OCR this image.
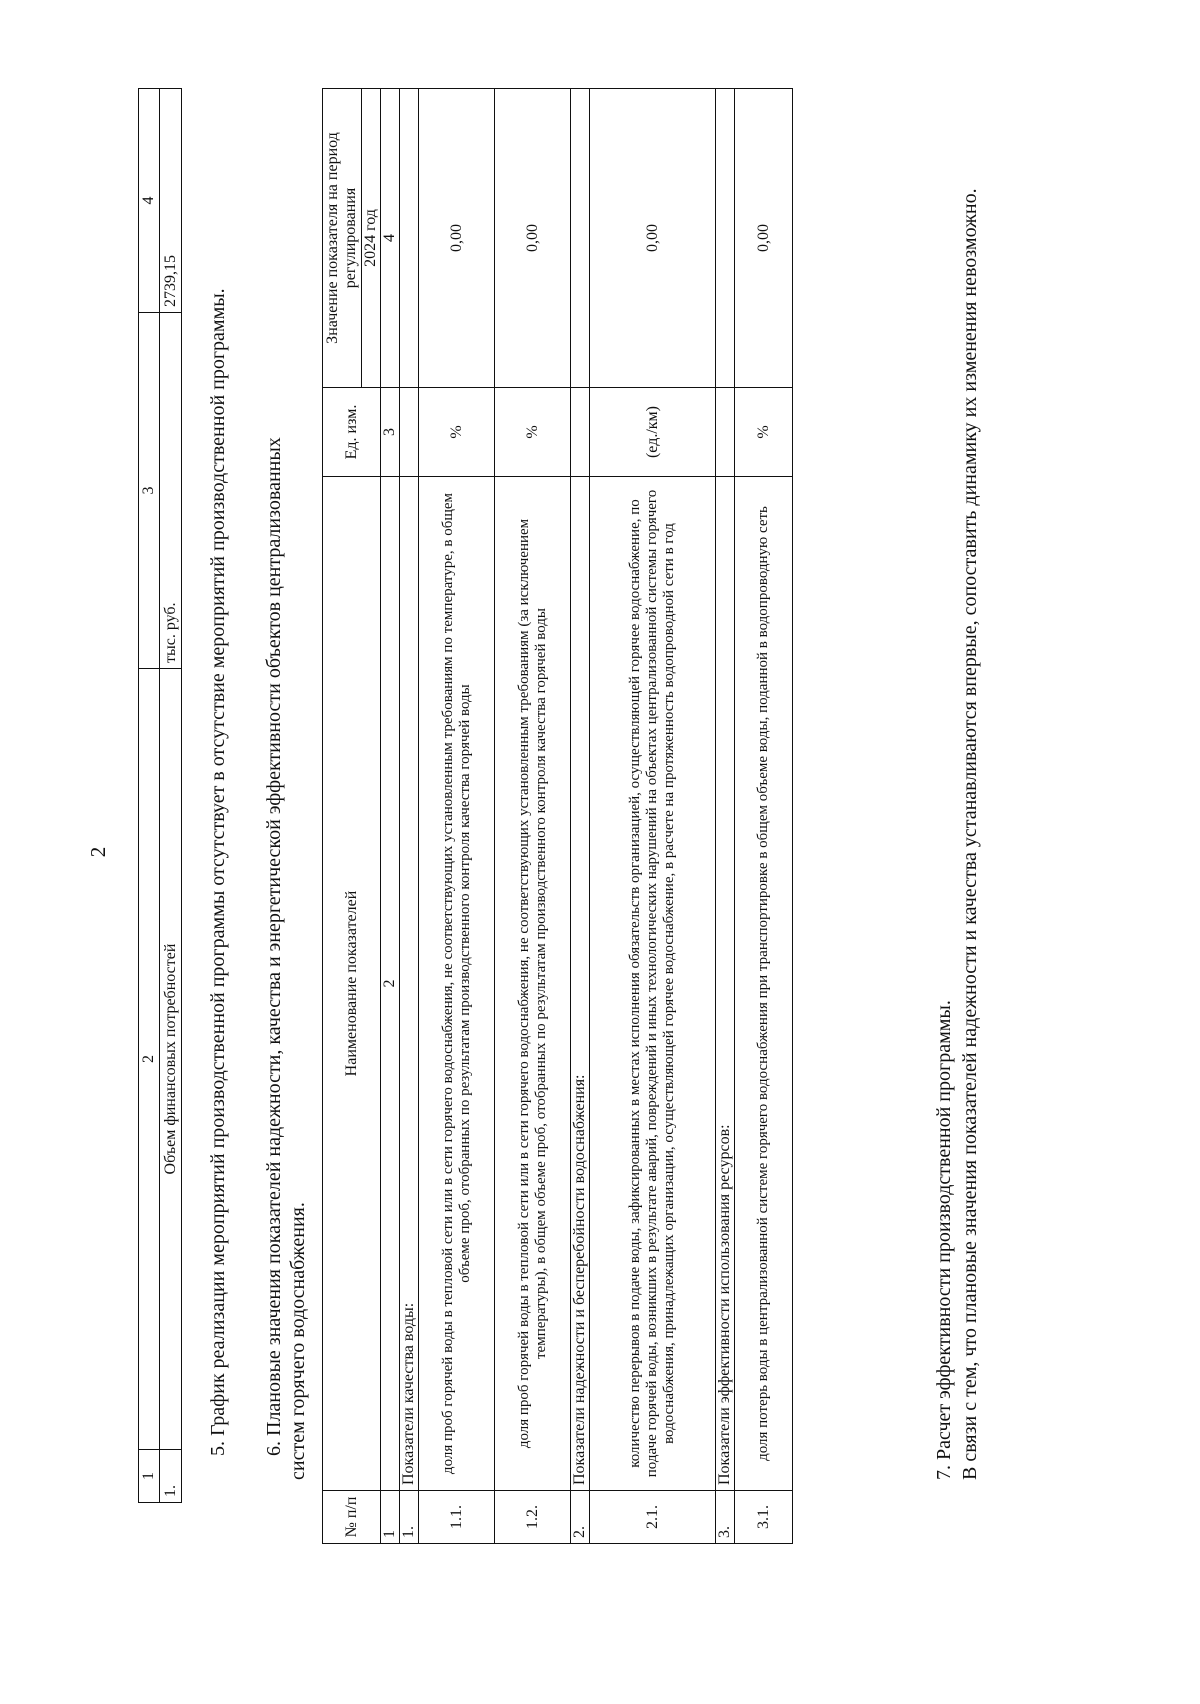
2
1	2	3	4
1.	Объем финансовых потребностей	тыс. руб.	2739,15
5. График реализации мероприятий производственной программы отсутствует в отсутствие мероприятий производственной программы. 6. Плановые значения показателей надежности, качества и энергетической эффективности объектов централизованных систем горячего водоснабжения.
№ п/п	Наименование показателей	Ед. изм.	Значение показателя на период регулирования
			2024 год
1	2	3	4
1.	Показатели качества воды:		
1.1.	доля проб горячей воды в тепловой сети или в сети горячего водоснабжения, не соответствующих установленным требованиям по температуре, в общем объеме проб, отобранных по результатам производственного контроля качества горячей воды	%	0,00
1.2.	доля проб горячей воды в тепловой сети или в сети горячего водоснабжения, не соответствующих установленным требованиям (за исключением температуры), в общем объеме проб, отобранных по результатам производственного контроля качества горячей воды	%	0,00
2.	Показатели надежности и бесперебойности водоснабжения:		
2.1.	количество перерывов в подаче воды, зафиксированных в местах исполнения обязательств организацией, осуществляющей горячее водоснабжение, по подаче горячей воды, возникших в результате аварий, повреждений и иных технологических нарушений на объектах централизованной системы горячего водоснабжения, принадлежащих организации, осуществляющей горячее водоснабжение, в расчете на протяженность водопроводной сети в год	(ед./км)	0,00
3.	Показатели эффективности использования ресурсов:		
3.1.	доля потерь воды в централизованной системе горячего водоснабжения при транспортировке в общем объеме воды, поданной в водопроводную сеть	%	0,00
7. Расчет эффективности производственной программы. В связи с тем, что плановые значения показателей надежности и качества устанавливаются впервые, сопоставить динамику их изменения невозможно.
